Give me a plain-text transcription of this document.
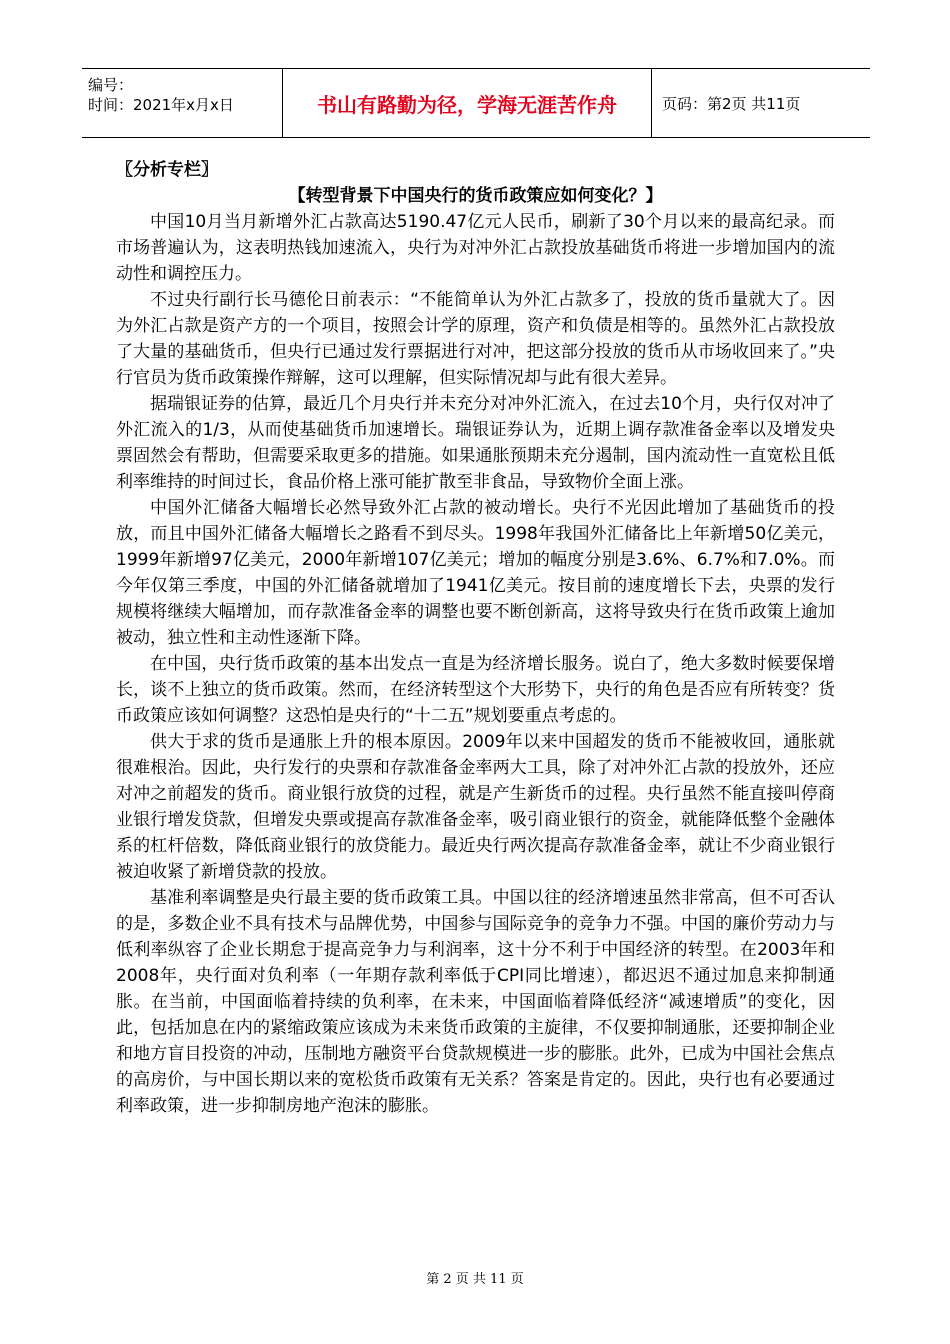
编号：
时间：2021年x月x日	书山有路勤为径，学海无涯苦作舟	页码：第2页 共11页

〖分析专栏〗

【转型背景下中国央行的货币政策应如何变化？】

中国10月当月新增外汇占款高达5190.47亿元人民币，刷新了30个月以来的最高纪录。而市场普遍认为，这表明热钱加速流入，央行为对冲外汇占款投放基础货币将进一步增加国内的流动性和调控压力。

不过央行副行长马德伦日前表示：“不能简单认为外汇占款多了，投放的货币量就大了。因为外汇占款是资产方的一个项目，按照会计学的原理，资产和负债是相等的。虽然外汇占款投放了大量的基础货币，但央行已通过发行票据进行对冲，把这部分投放的货币从市场收回来了。”央行官员为货币政策操作辩解，这可以理解，但实际情况却与此有很大差异。

据瑞银证券的估算，最近几个月央行并未充分对冲外汇流入，在过去10个月，央行仅对冲了外汇流入的1/3，从而使基础货币加速增长。瑞银证券认为，近期上调存款准备金率以及增发央票固然会有帮助，但需要采取更多的措施。如果通胀预期未充分遏制，国内流动性一直宽松且低利率维持的时间过长，食品价格上涨可能扩散至非食品，导致物价全面上涨。

中国外汇储备大幅增长必然导致外汇占款的被动增长。央行不光因此增加了基础货币的投放，而且中国外汇储备大幅增长之路看不到尽头。1998年我国外汇储备比上年新增50亿美元，1999年新增97亿美元，2000年新增107亿美元；增加的幅度分别是3.6%、6.7%和7.0%。而今年仅第三季度，中国的外汇储备就增加了1941亿美元。按目前的速度增长下去，央票的发行规模将继续大幅增加，而存款准备金率的调整也要不断创新高，这将导致央行在货币政策上逾加被动，独立性和主动性逐渐下降。

在中国，央行货币政策的基本出发点一直是为经济增长服务。说白了，绝大多数时候要保增长，谈不上独立的货币政策。然而，在经济转型这个大形势下，央行的角色是否应有所转变？货币政策应该如何调整？这恐怕是央行的“十二五”规划要重点考虑的。

供大于求的货币是通胀上升的根本原因。2009年以来中国超发的货币不能被收回，通胀就很难根治。因此，央行发行的央票和存款准备金率两大工具，除了对冲外汇占款的投放外，还应对冲之前超发的货币。商业银行放贷的过程，就是产生新货币的过程。央行虽然不能直接叫停商业银行增发贷款，但增发央票或提高存款准备金率，吸引商业银行的资金，就能降低整个金融体系的杠杆倍数，降低商业银行的放贷能力。最近央行两次提高存款准备金率，就让不少商业银行被迫收紧了新增贷款的投放。

基准利率调整是央行最主要的货币政策工具。中国以往的经济增速虽然非常高，但不可否认的是，多数企业不具有技术与品牌优势，中国参与国际竞争的竞争力不强。中国的廉价劳动力与低利率纵容了企业长期怠于提高竞争力与利润率，这十分不利于中国经济的转型。在2003年和2008年，央行面对负利率（一年期存款利率低于CPI同比增速），都迟迟不通过加息来抑制通胀。在当前，中国面临着持续的负利率，在未来，中国面临着降低经济“减速增质”的变化，因此，包括加息在内的紧缩政策应该成为未来货币政策的主旋律，不仅要抑制通胀，还要抑制企业和地方盲目投资的冲动，压制地方融资平台贷款规模进一步的膨胀。此外，已成为中国社会焦点的高房价，与中国长期以来的宽松货币政策有无关系？答案是肯定的。因此，央行也有必要通过利率政策，进一步抑制房地产泡沫的膨胀。

第 2 页 共 11 页
